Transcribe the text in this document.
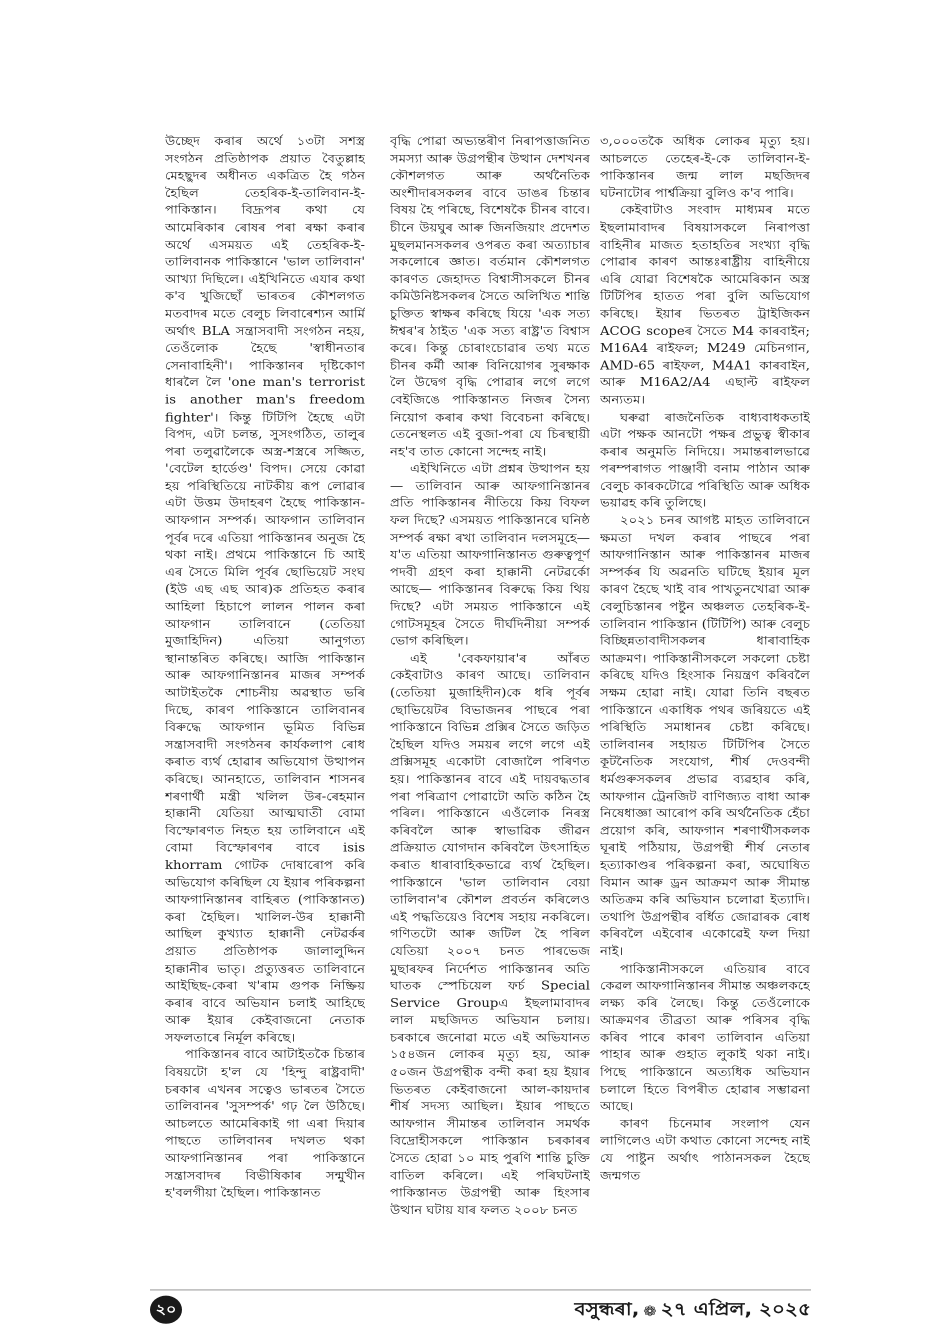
উচ্ছেদ কৰাৰ অৰ্থে ১৩টা সশস্ত্ৰ সংগঠন প্ৰতিষ্ঠাপক প্ৰয়াত বৈতুল্লাহ মেহছুদৰ অধীনত একত্ৰিত হৈ গঠন হৈছিল তেহৰিক-ই-তালিবান-ই-পাকিস্তান। বিদ্ৰূপৰ কথা যে আমেৰিকাৰ ৰোষৰ পৰা ৰক্ষা কৰাৰ অৰ্থে এসময়ত এই তেহৰিক-ই-তালিবানক পাকিস্তানে 'ভাল তালিবান' আখ্যা দিছিলে। এইখিনিতে এযাৰ কথা ক'ব খুজিছোঁ ভাৰতৰ কৌশলগত মতবাদৰ মতে বেলুচ লিবাৰেশ্যন আৰ্মি অৰ্থাৎ BLA সন্ত্ৰাসবাদী সংগঠন নহয়, তেওঁলোক হৈছে 'স্বাধীনতাৰ সেনাবাহিনী'। পাকিস্তানৰ দৃষ্টিকোণ ধাৰলৈ লৈ 'one man's terrorist is another man's freedom fighter'। কিন্তু টিটিপি হৈছে এটা বিপদ, এটা চলন্ত, সুসংগঠিত, তালুৰ পৰা তলুৱালৈকে অস্ত্ৰ-শস্ত্ৰৰে সজ্জিত, 'বেটেল হাৰ্ডেণ্ড' বিপদ। সেয়ে কোৱা হয় পৰিস্থিতিয়ে নাটকীয় ৰূপ লোৱাৰ এটা উত্তম উদাহৰণ হৈছে পাকিস্তান-আফগান সম্পৰ্ক। আফগান তালিবান পূৰ্বৰ দৰে এতিয়া পাকিস্তানৰ অনুজ হৈ থকা নাই। প্ৰথমে পাকিস্তানে চি আই এৰ সৈতে মিলি পূৰ্বৰ ছোভিয়েট সংঘ (ইউ এছ এছ আৰ)ক প্ৰতিহত কৰাৰ আহিলা হিচাপে লালন পালন কৰা আফগান তালিবানে (তেতিয়া মুজাহিদিন) এতিয়া আনুগত্য স্থানান্তৰিত কৰিছে। আজি পাকিস্তান আৰু আফগানিস্তানৰ মাজৰ সম্পৰ্ক আটাইতকৈ শোচনীয় অৱস্থাত ভৰি দিছে, কাৰণ পাকিস্তানে তালিবানৰ বিৰুদ্ধে আফগান ভূমিত বিভিন্ন সন্ত্ৰাসবাদী সংগঠনৰ কাৰ্যকলাপ ৰোধ কৰাত ব্যৰ্থ হোৱাৰ অভিযোগ উত্থাপন কৰিছে। আনহাতে, তালিবান শাসনৰ শৰণাৰ্থী মন্ত্ৰী খলিল উৰ-ৰেহমান হাক্কানী যেতিয়া আত্মঘাতী বোমা বিস্ফোৰণত নিহত হয় তালিবানে এই বোমা বিস্ফোৰণৰ বাবে isis khorram গোটক দোষাৰোপ কৰি অভিযোগ কৰিছিল যে ইয়াৰ পৰিকল্পনা আফগানিস্তানৰ বাহিৰত (পাকিস্তানত) কৰা হৈছিল। খালিল-উৰ হাক্কানী আছিল কুখ্যাত হাক্কানী নেটৱৰ্কৰ প্ৰয়াত প্ৰতিষ্ঠাপক জালালুদ্দিন হাক্কানীৰ ভাতৃ। প্ৰত্যুত্তৰত তালিবানে আইছিছ-কেৰা খ'ৰাম গুপক নিষ্ক্ৰিয় কৰাৰ বাবে অভিযান চলাই আহিছে আৰু ইয়াৰ কেইবাজনো নেতাক সফলতাৰে নিৰ্মূল কৰিছে।

পাকিস্তানৰ বাবে আটাইতকৈ চিন্তাৰ বিষয়টো হ'ল যে 'হিন্দু ৰাষ্ট্ৰবাদী' চৰকাৰ এখনৰ সত্বেও ভাৰতৰ সৈতে তালিবানৰ 'সুসম্পৰ্ক' গঢ় লৈ উঠিছে। আচলতে আমেৰিকাই গা এৰা দিয়াৰ পাছতে তালিবানৰ দখলত থকা আফগানিস্তানৰ পৰা পাকিস্তানে সন্ত্ৰাসবাদৰ বিভীষিকাৰ সন্মুখীন হ'বলগীয়া হৈছিল। পাকিস্তানত

বৃদ্ধি পোৱা অভ্যন্তৰীণ নিৰাপত্তাজনিত সমস্যা আৰু উগ্ৰপন্থীৰ উত্থান দেশখনৰ কৌশলগত আৰু অৰ্থনৈতিক অংশীদাৰসকলৰ বাবে ডাঙৰ চিন্তাৰ বিষয় হৈ পৰিছে, বিশেষকৈ চীনৰ বাবে। চীনে উয়ঘুৰ আৰু জিনজিয়াং প্ৰদেশত মুছলমানসকলৰ ওপৰত কৰা অত্যাচাৰ সকলোৰে জ্ঞাত। বৰ্তমান কৌশলগত কাৰণত জেহাদত বিশ্বাসীসকলে চীনৰ কমিউনিষ্টসকলৰ সৈতে অলিখিত শান্তি চুক্তিত স্বাক্ষৰ কৰিছে যিয়ে 'এক সত্য ঈশ্বৰ'ৰ ঠাইত 'এক সত্য ৰাষ্ট্ৰ'ত বিশ্বাস কৰে। কিন্তু চোৰাংচোৱাৰ তথ্য মতে চীনৰ কৰ্মী আৰু বিনিয়োগৰ সুৰক্ষাক লৈ উদ্বেগ বৃদ্ধি পোৱাৰ লগে লগে বেইজিঙে পাকিস্তানত নিজৰ সৈন্য নিয়োগ কৰাৰ কথা বিবেচনা কৰিছে। তেনেস্থলত এই বুজা-পৰা যে চিৰস্থায়ী নহ'ব তাত কোনো সন্দেহ নাই।

এইখিনিতে এটা প্ৰশ্নৰ উত্থাপন হয়— তালিবান আৰু আফগানিস্তানৰ প্ৰতি পাকিস্তানৰ নীতিয়ে কিয় বিফল ফল দিছে? এসময়ত পাকিস্তানৰে ঘনিষ্ঠ সম্পৰ্ক ৰক্ষা ৰখা তালিবান দলসমূহে— য'ত এতিয়া আফগানিস্তানত গুৰুত্বপূৰ্ণ পদবী গ্ৰহণ কৰা হাক্কানী নেটৱৰ্কো আছে— পাকিস্তানৰ বিৰুদ্ধে কিয় থিয় দিছে? এটা সময়ত পাকিস্তানে এই গোটসমূহৰ সৈতে দীৰ্ঘদিনীয়া সম্পৰ্ক ভোগ কৰিছিল।

এই 'বেকফায়াৰ'ৰ আঁৰত কেইবাটাও কাৰণ আছে। তালিবান (তেতিয়া মুজাহিদীন)কে ধৰি পূৰ্বৰ ছোভিয়েটৰ বিভাজনৰ পাছৰে পৰা পাকিস্তানে বিভিন্ন প্ৰক্সিৰ সৈতে জড়িত হৈছিল যদিও সময়ৰ লগে লগে এই প্ৰক্সিসমূহ একোটা বোজালৈ পৰিণত হয়। পাকিস্তানৰ বাবে এই দায়বদ্ধতাৰ পৰা পৰিত্ৰাণ পোৱাটো অতি কঠিন হৈ পৰিল। পাকিস্তানে এওঁলোক নিৰস্ত্ৰ কৰিবলৈ আৰু স্বাভাৱিক জীৱন প্ৰক্ৰিয়াত যোগদান কৰিবলৈ উৎসাহিত কৰাত ধাৰাবাহিকভাৱে ব্যৰ্থ হৈছিল। পাকিস্তানে 'ভাল তালিবান বেয়া তালিবান'ৰ কৌশল প্ৰবৰ্তন কৰিলেও এই পদ্ধতিয়েও বিশেষ সহায় নকৰিলে। গণিতটো আৰু জটিল হৈ পৰিল যেতিয়া ২০০৭ চনত পাৰভেজ মুছাৰফৰ নিৰ্দেশত পাকিস্তানৰ অতি ঘাতক স্পেচিয়েল ফৰ্চ Special Service Groupএ ইছলামাবাদৰ লাল মছজিদত অভিযান চলায়। চৰকাৰে জনোৱা মতে এই অভিযানত ১৫৪জন লোকৰ মৃত্যু হয়, আৰু ৫০জন উগ্ৰপন্থীক বন্দী কৰা হয় ইয়াৰ ভিতৰত কেইবাজনো আল-কায়দাৰ শীৰ্ষ সদস্য আছিল। ইয়াৰ পাছতে আফগান সীমান্তৰ তালিবান সমৰ্থক বিদ্ৰোহীসকলে পাকিস্তান চৰকাৰৰ সৈতে হোৱা ১০ মাহ পুৰণি শান্তি চুক্তি বাতিল কৰিলে। এই পৰিঘটনাই পাকিস্তানত উগ্ৰপন্থী আৰু হিংসাৰ উত্থান ঘটায় যাৰ ফলত ২০০৮ চনত

৩,০০০তকৈ অধিক লোকৰ মৃত্যু হয়। আচলতে তেহেৰ-ই-কে তালিবান-ই-পাকিস্তানৰ জন্ম লাল মছজিদৰ ঘটনাটোৰ পাৰ্শ্বক্ৰিয়া বুলিও ক'ব পাৰি।

কেইবাটাও সংবাদ মাধ্যমৰ মতে ইছলামাবাদৰ বিষয়াসকলে নিৰাপত্তা বাহিনীৰ মাজত হতাহতিৰ সংখ্যা বৃদ্ধি পোৱাৰ কাৰণ আন্তঃৰাষ্ট্ৰীয় বাহিনীয়ে এৰি যোৱা বিশেষকৈ আমেৰিকান অস্ত্ৰ টিটিপিৰ হাতত পৰা বুলি অভিযোগ কৰিছে। ইয়াৰ ভিতৰত ট্ৰাইজিকন ACOG scopeৰ সৈতে M4 কাৰবাইন; M16A4 ৰাইফল; M249 মেচিনগান, AMD-65 ৰাইফল, M4A1 কাৰবাইন, আৰু M16A2/A4 এছাল্ট ৰাইফল অন্যতম।

ঘৰুৱা ৰাজনৈতিক বাধ্যবাধকতাই এটা পক্ষক আনটো পক্ষৰ প্ৰভুত্ব স্বীকাৰ কৰাৰ অনুমতি নিদিয়ে। সমান্তৰালভাৱে পৰম্পৰাগত পাঞ্জাবী বনাম পাঠান আৰু বেলুচ কাৰকটোৱে পৰিস্থিতি আৰু অধিক ভয়াৱহ কৰি তুলিছে।

২০২১ চনৰ আগষ্ট মাহত তালিবানে ক্ষমতা দখল কৰাৰ পাছৰে পৰা আফগানিস্তান আৰু পাকিস্তানৰ মাজৰ সম্পৰ্কৰ যি অৱনতি ঘটিছে ইয়াৰ মূল কাৰণ হৈছে খাই বাৰ পাখতুনখোৱা আৰু বেলুচিস্তানৰ পষ্টুন অঞ্চলত তেহৰিক-ই-তালিবান পাকিস্তান (টিটিপি) আৰু বেলুচ বিচ্ছিন্নতাবাদীসকলৰ ধাৰাবাহিক আক্ৰমণ। পাকিস্তানীসকলে সকলো চেষ্টা কৰিছে যদিও হিংসাক নিয়ন্ত্ৰণ কৰিবলৈ সক্ষম হোৱা নাই। যোৱা তিনি বছৰত পাকিস্তানে একাধিক পথৰ জৰিয়তে এই পৰিস্থিতি সমাধানৰ চেষ্টা কৰিছে। তালিবানৰ সহায়ত টিটিপিৰ সৈতে কূটনৈতিক সংযোগ, শীৰ্ষ দেওবন্দী ধৰ্মগুৰুসকলৰ প্ৰভাৱ ব্যৱহাৰ কৰি, আফগান ট্ৰেনজিট বাণিজ্যত বাধা আৰু নিষেধাজ্ঞা আৰোপ কৰি অৰ্থনৈতিক হেঁচা প্ৰয়োগ কৰি, আফগান শৰণাৰ্থীসকলক ঘূৰাই পঠিয়ায়, উগ্ৰপন্থী শীৰ্ষ নেতাৰ হত্যাকাণ্ডৰ পৰিকল্পনা কৰা, অঘোষিত বিমান আৰু ড্ৰন আক্ৰমণ আৰু সীমান্ত অতিক্ৰম কৰি অভিযান চলোৱা ইত্যাদি। তথাপি উগ্ৰপন্থীৰ বৰ্ধিত জোৱাৰক ৰোধ কৰিবলৈ এইবোৰ একোৱেই ফল দিয়া নাই।

পাকিস্তানীসকলে এতিয়াৰ বাবে কেৱল আফগানিস্তানৰ সীমান্ত অঞ্চলকহে লক্ষ্য কৰি লৈছে। কিন্তু তেওঁলোকে আক্ৰমণৰ তীব্ৰতা আৰু পৰিসৰ বৃদ্ধি কৰিব পাৰে কাৰণ তালিবান এতিয়া পাহাৰ আৰু গুহাত লুকাই থকা নাই। পিছে পাকিস্তানে অত্যধিক অভিযান চলালে হিতে বিপৰীত হোৱাৰ সম্ভাৱনা আছে।

কাৰণ চিনেমাৰ সংলাপ যেন লাগিলেও এটা কথাত কোনো সন্দেহ নাই যে পাষ্টুন অৰ্থাৎ পাঠানসকল হৈছে জন্মগত

২০	বসুন্ধৰা, ❁ ২৭ এপ্ৰিল, ২০২৫
